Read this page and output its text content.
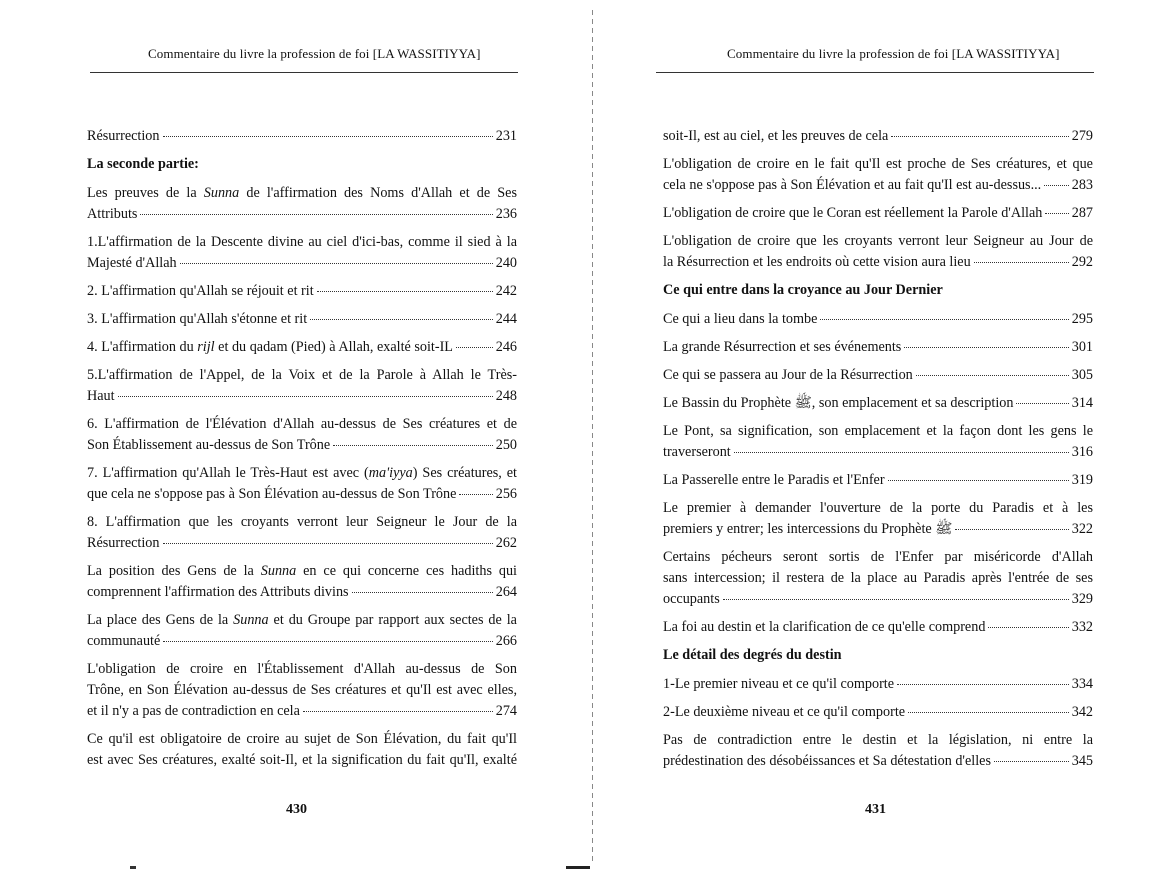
Commentaire du livre la profession de foi [LA WASSITIYYA]
Résurrection	231
La seconde partie:
Les preuves de la Sunna de l'affirmation des Noms d'Allah et de Ses
Attributs	236
1.L'affirmation de la Descente divine au ciel d'ici-bas, comme il sied à la
Majesté d'Allah	240
2. L'affirmation qu'Allah se réjouit et rit	242
3. L'affirmation qu'Allah s'étonne et rit	244
4. L'affirmation du rijl et du qadam (Pied) à Allah, exalté soit-IL	246
5.L'affirmation de l'Appel, de la Voix et de la Parole à Allah le Très-
Haut	248
6. L'affirmation de l'Élévation d'Allah au-dessus de Ses créatures et de
Son Établissement au-dessus de Son Trône	250
7. L'affirmation qu'Allah le Très-Haut est avec (ma'iyya) Ses créatures, et
que cela ne s'oppose pas à Son Élévation au-dessus de Son Trône	256
8. L'affirmation que les croyants verront leur Seigneur le Jour de la
Résurrection	262
La position des Gens de la Sunna en ce qui concerne ces hadiths qui
comprennent l'affirmation des Attributs divins	264
La place des Gens de la Sunna et du Groupe par rapport aux sectes de la
communauté	266
L'obligation de croire en l'Établissement d'Allah au-dessus de Son
Trône, en Son Élévation au-dessus de Ses créatures et qu'Il est avec elles,
et il n'y a pas de contradiction en cela	274
Ce qu'il est obligatoire de croire au sujet de Son Élévation, du fait qu'Il
est avec Ses créatures, exalté soit-Il, et la signification du fait qu'Il, exalté
430
Commentaire du livre la profession de foi [LA WASSITIYYA]
soit-Il, est au ciel, et les preuves de cela	279
L'obligation de croire en le fait qu'Il est proche de Ses créatures, et que
cela ne s'oppose pas à Son Élévation et au fait qu'Il est au-dessus... 283
L'obligation de croire que le Coran est réellement la Parole d'Allah 287
L'obligation de croire que les croyants verront leur Seigneur au Jour de
la Résurrection et les endroits où cette vision aura lieu	292
Ce qui entre dans la croyance au Jour Dernier
Ce qui a lieu dans la tombe	295
La grande Résurrection et ses événements	301
Ce qui se passera au Jour de la Résurrection	305
Le Bassin du Prophète ﷺ, son emplacement et sa description	314
Le Pont, sa signification, son emplacement et la façon dont les gens le
traverseront	316
La Passerelle entre le Paradis et l'Enfer	319
Le premier à demander l'ouverture de la porte du Paradis et à les
premiers y entrer; les intercessions du Prophète ﷺ	322
Certains pécheurs seront sortis de l'Enfer par miséricorde d'Allah
sans intercession; il restera de la place au Paradis après l'entrée de ses
occupants	329
La foi au destin et la clarification de ce qu'elle comprend	332
Le détail des degrés du destin
1-Le premier niveau et ce qu'il comporte	334
2-Le deuxième niveau et ce qu'il comporte	342
Pas de contradiction entre le destin et la législation, ni entre la
prédestination des désobéissances et Sa détestation d'elles	345
431
